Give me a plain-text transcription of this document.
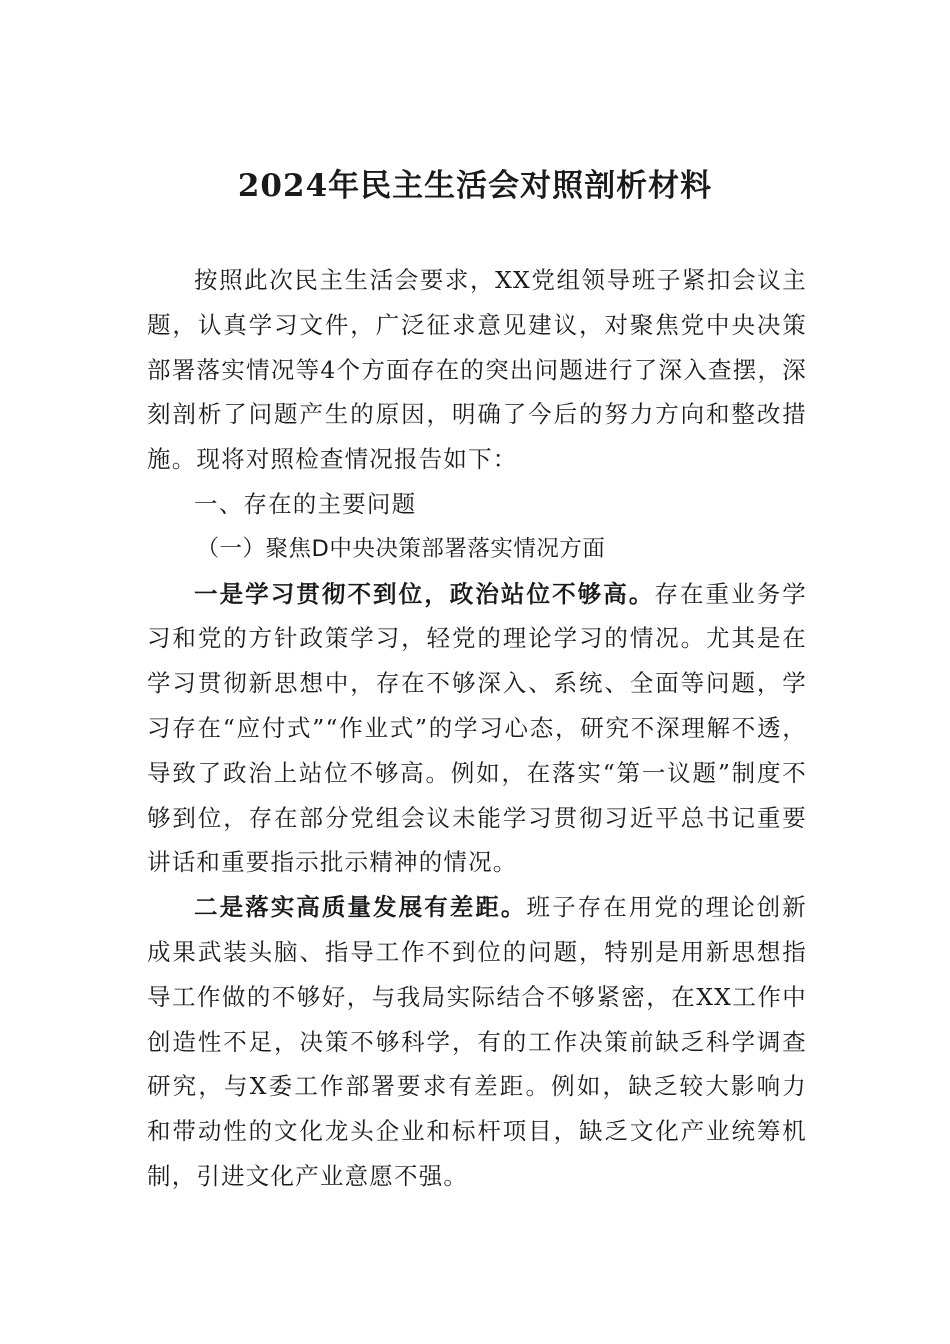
2024年民主生活会对照剖析材料

按照此次民主生活会要求，XX党组领导班子紧扣会议主题，认真学习文件，广泛征求意见建议，对聚焦党中央决策部署落实情况等4个方面存在的突出问题进行了深入查摆，深刻剖析了问题产生的原因，明确了今后的努力方向和整改措施。现将对照检查情况报告如下：

一、存在的主要问题

（一）聚焦D中央决策部署落实情况方面

一是学习贯彻不到位，政治站位不够高。存在重业务学习和党的方针政策学习，轻党的理论学习的情况。尤其是在学习贯彻新思想中，存在不够深入、系统、全面等问题，学习存在“应付式”“作业式”的学习心态，研究不深理解不透，导致了政治上站位不够高。例如，在落实“第一议题”制度不够到位，存在部分党组会议未能学习贯彻习近平总书记重要讲话和重要指示批示精神的情况。

二是落实高质量发展有差距。班子存在用党的理论创新成果武装头脑、指导工作不到位的问题，特别是用新思想指导工作做的不够好，与我局实际结合不够紧密，在XX工作中创造性不足，决策不够科学，有的工作决策前缺乏科学调查研究，与X委工作部署要求有差距。例如，缺乏较大影响力和带动性的文化龙头企业和标杆项目，缺乏文化产业统筹机制，引进文化产业意愿不强。
